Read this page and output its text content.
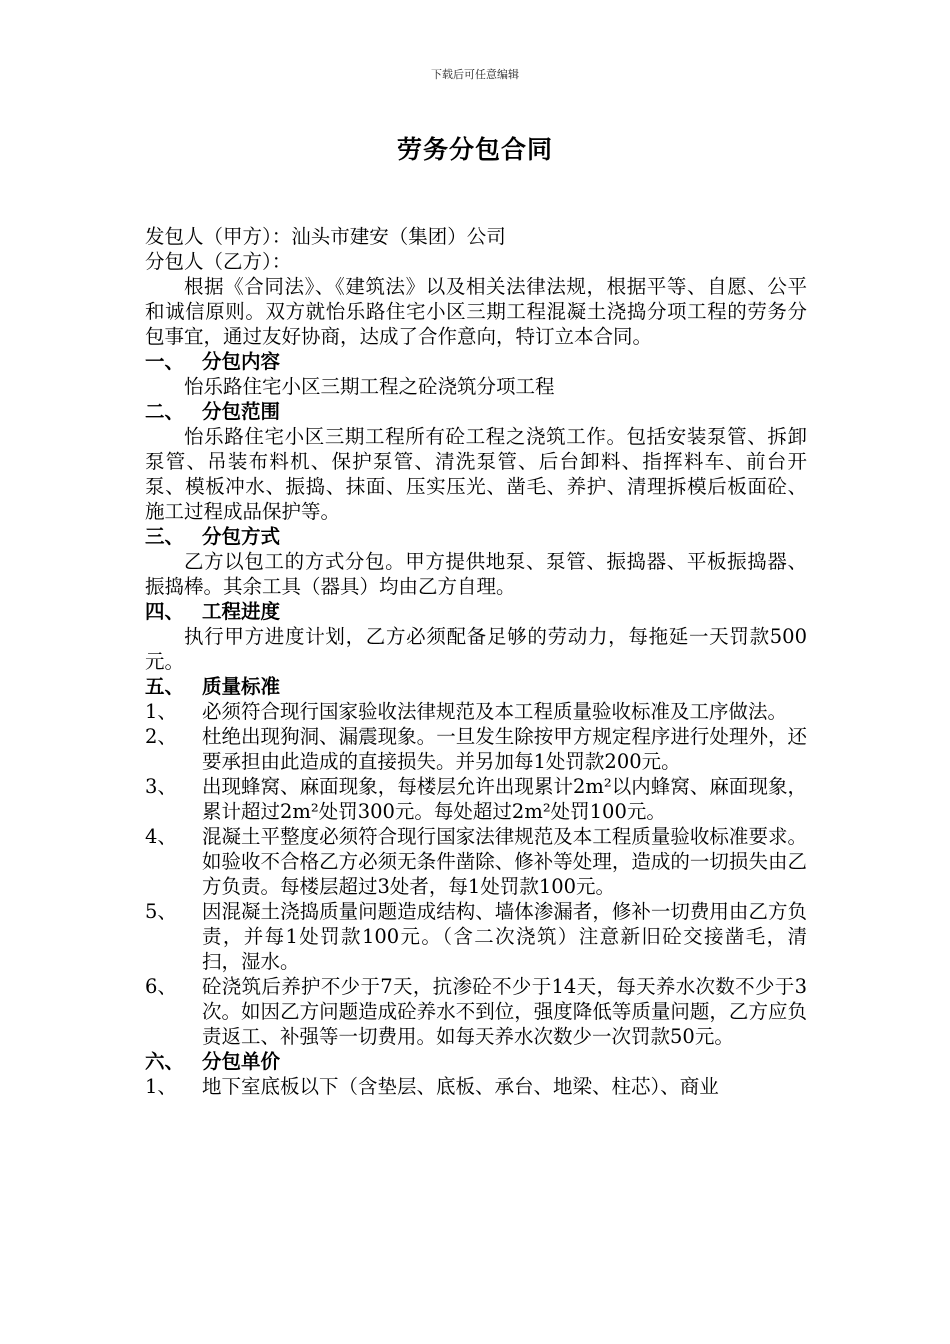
下载后可任意编辑
劳务分包合同
发包人（甲方）：汕头市建安（集团）公司
分包人（乙方）：
根据《合同法》、《建筑法》以及相关法律法规，根据平等、自愿、公平和诚信原则。双方就怡乐路住宅小区三期工程混凝土浇捣分项工程的劳务分包事宜，通过友好协商，达成了合作意向，特订立本合同。
一、 分包内容
怡乐路住宅小区三期工程之砼浇筑分项工程
二、 分包范围
怡乐路住宅小区三期工程所有砼工程之浇筑工作。包括安装泵管、拆卸泵管、吊装布料机、保护泵管、清洗泵管、后台卸料、指挥料车、前台开泵、模板冲水、振捣、抹面、压实压光、凿毛、养护、清理拆模后板面砼、施工过程成品保护等。
三、 分包方式
乙方以包工的方式分包。甲方提供地泵、泵管、振捣器、平板振捣器、振捣棒。其余工具（器具）均由乙方自理。
四、 工程进度
执行甲方进度计划，乙方必须配备足够的劳动力，每拖延一天罚款500元。
五、 质量标准
1、	必须符合现行国家验收法律规范及本工程质量验收标准及工序做法。
2、	杜绝出现狗洞、漏震现象。一旦发生除按甲方规定程序进行处理外，还要承担由此造成的直接损失。并另加每1处罚款200元。
3、	出现蜂窝、麻面现象，每楼层允许出现累计2m²以内蜂窝、麻面现象，累计超过2m²处罚300元。每处超过2m²处罚100元。
4、	混凝土平整度必须符合现行国家法律规范及本工程质量验收标准要求。如验收不合格乙方必须无条件凿除、修补等处理，造成的一切损失由乙方负责。每楼层超过3处者，每1处罚款100元。
5、	因混凝土浇捣质量问题造成结构、墙体渗漏者，修补一切费用由乙方负责，并每1处罚款100元。（含二次浇筑）注意新旧砼交接凿毛，清扫，湿水。
6、	砼浇筑后养护不少于7天，抗渗砼不少于14天，每天养水次数不少于3次。如因乙方问题造成砼养水不到位，强度降低等质量问题，乙方应负责返工、补强等一切费用。如每天养水次数少一次罚款50元。
六、 分包单价
1、	地下室底板以下（含垫层、底板、承台、地梁、柱芯）、商业
